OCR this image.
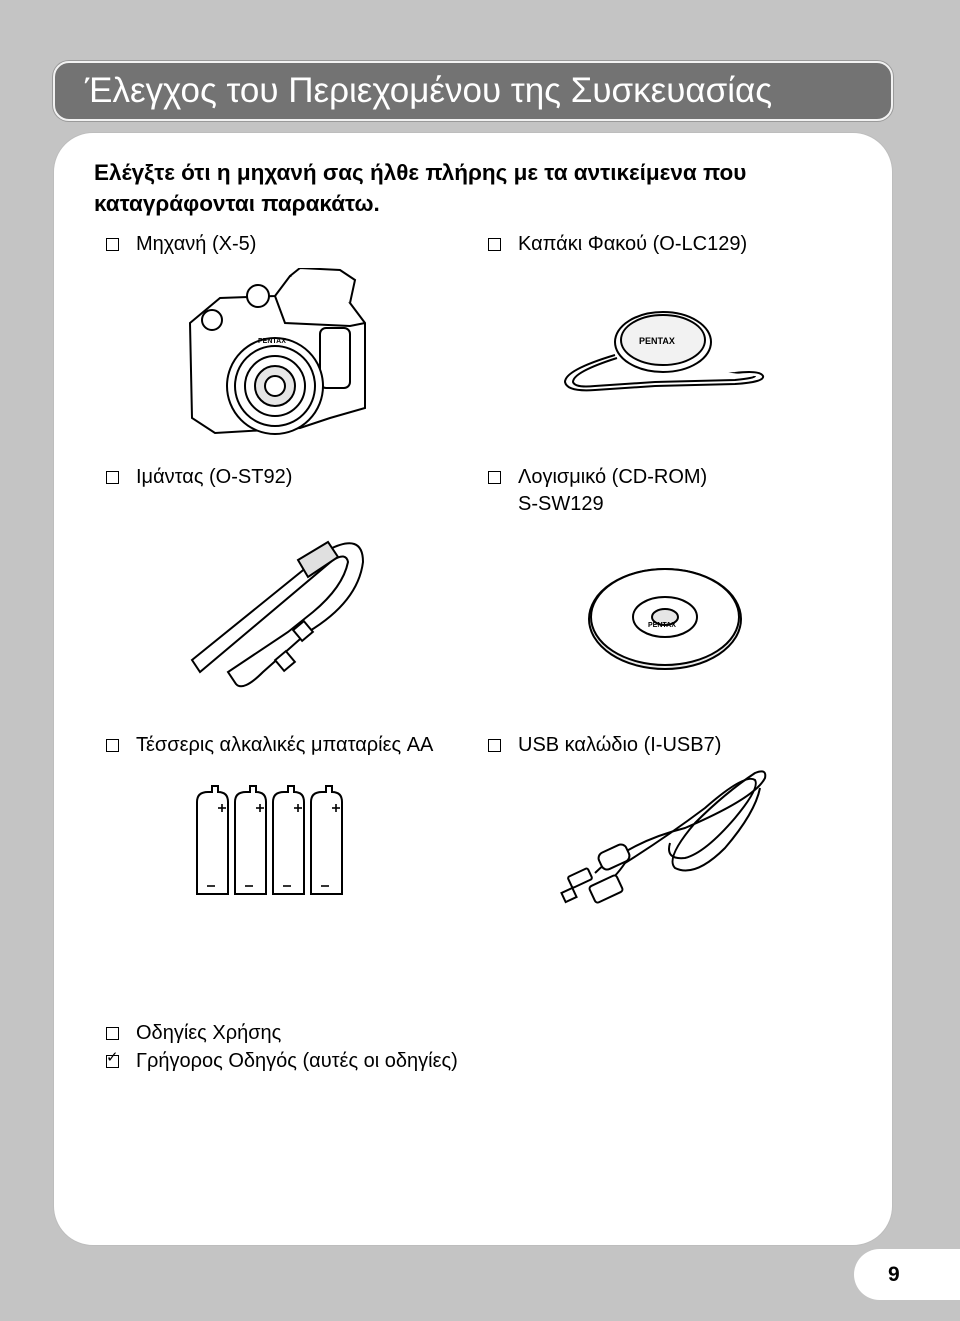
Έλεγχος του Περιεχομένου της Συσκευασίας
Ελέγξτε ότι η μηχανή σας ήλθε πλήρης με τα αντικείμενα που καταγράφονται παρακάτω.
Μηχανή (X-5)
PENTAX
Καπάκι Φακού (O-LC129)
PENTAX
Ιμάντας (O-ST92)	Λογισμικό (CD-ROM)
S-SW129
PENTAX
Τέσσερις αλκαλικές μπαταρίες AA	USB καλώδιο (I-USB7)
Οδηγίες Χρήσης
✓ Γρήγορος Οδηγός (αυτές οι οδηγίες)
9
